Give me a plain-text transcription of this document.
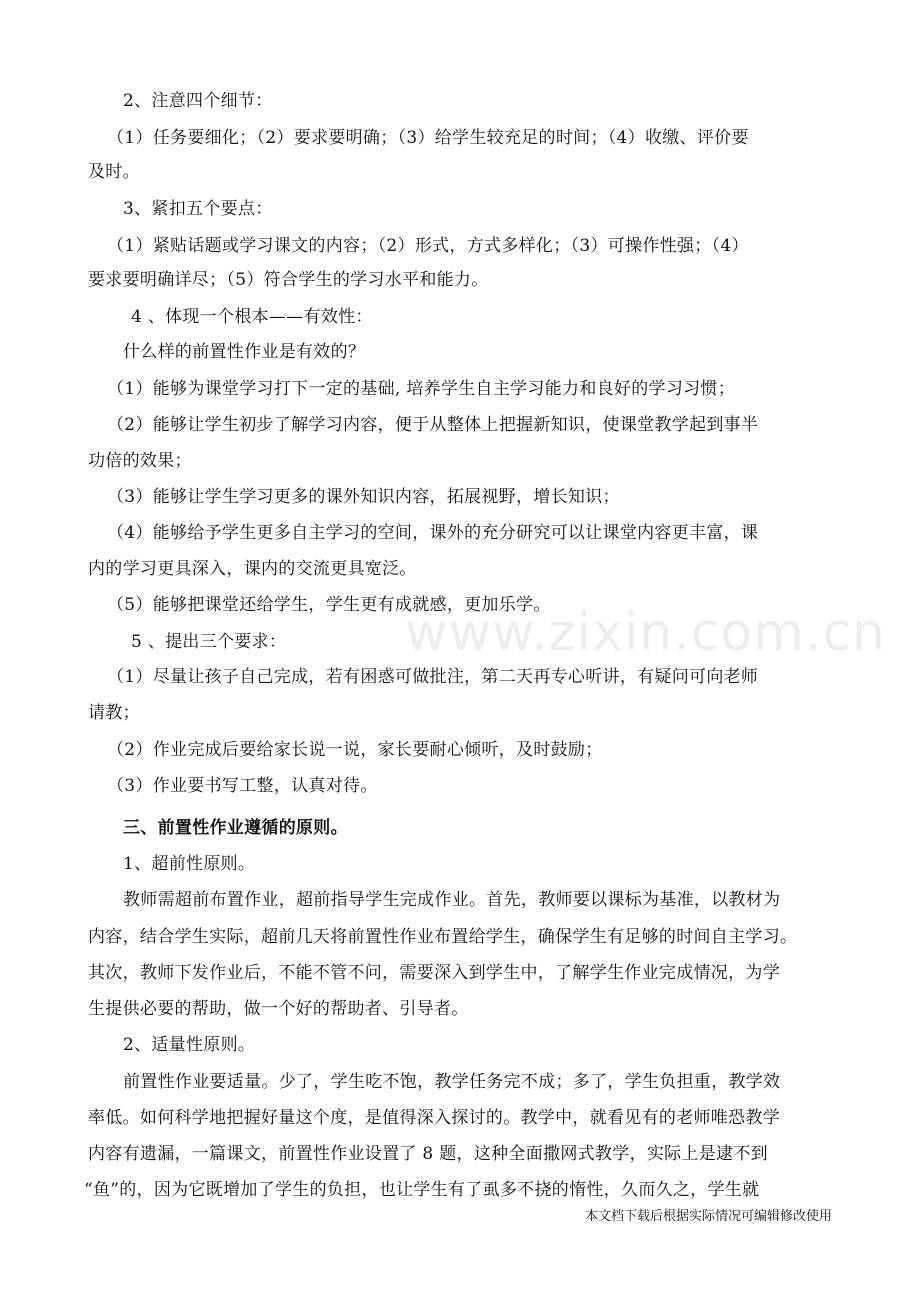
2、注意四个细节：

（1）任务要细化；（2）要求要明确；（3）给学生较充足的时间；（4）收缴、评价要

及时。

3、紧扣五个要点：

（1）紧贴话题或学习课文的内容；（2）形式，方式多样化；（3）可操作性强；（4）

要求要明确详尽；（5）符合学生的学习水平和能力。

4 、体现一个根本——有效性：

什么样的前置性作业是有效的？

（1）能够为课堂学习打下一定的基础, 培养学生自主学习能力和良好的学习习惯；

（2）能够让学生初步了解学习内容，便于从整体上把握新知识，使课堂教学起到事半

功倍的效果；

（3）能够让学生学习更多的课外知识内容，拓展视野，增长知识；

（4）能够给予学生更多自主学习的空间，课外的充分研究可以让课堂内容更丰富，课

内的学习更具深入，课内的交流更具宽泛。

（5）能够把课堂还给学生，学生更有成就感，更加乐学。

5 、提出三个要求：

（1）尽量让孩子自己完成，若有困惑可做批注，第二天再专心听讲，有疑问可向老师

请教；

（2）作业完成后要给家长说一说，家长要耐心倾听，及时鼓励；

（3）作业要书写工整，认真对待。

三、前置性作业遵循的原则。

1、超前性原则。

教师需超前布置作业，超前指导学生完成作业。首先，教师要以课标为基准，以教材为

内容，结合学生实际，超前几天将前置性作业布置给学生，确保学生有足够的时间自主学习。

其次，教师下发作业后，不能不管不问，需要深入到学生中，了解学生作业完成情况，为学

生提供必要的帮助，做一个好的帮助者、引导者。

2、适量性原则。

前置性作业要适量。少了，学生吃不饱，教学任务完不成；多了，学生负担重，教学效

率低。如何科学地把握好量这个度，是值得深入探讨的。教学中，就看见有的老师唯恐教学

内容有遗漏，一篇课文，前置性作业设置了 8 题，这种全面撒网式教学，实际上是逮不到

“鱼”的，因为它既增加了学生的负担，也让学生有了虱多不挠的惰性，久而久之，学生就

www.zixin.com.cn

本文档下载后根据实际情况可编辑修改使用
